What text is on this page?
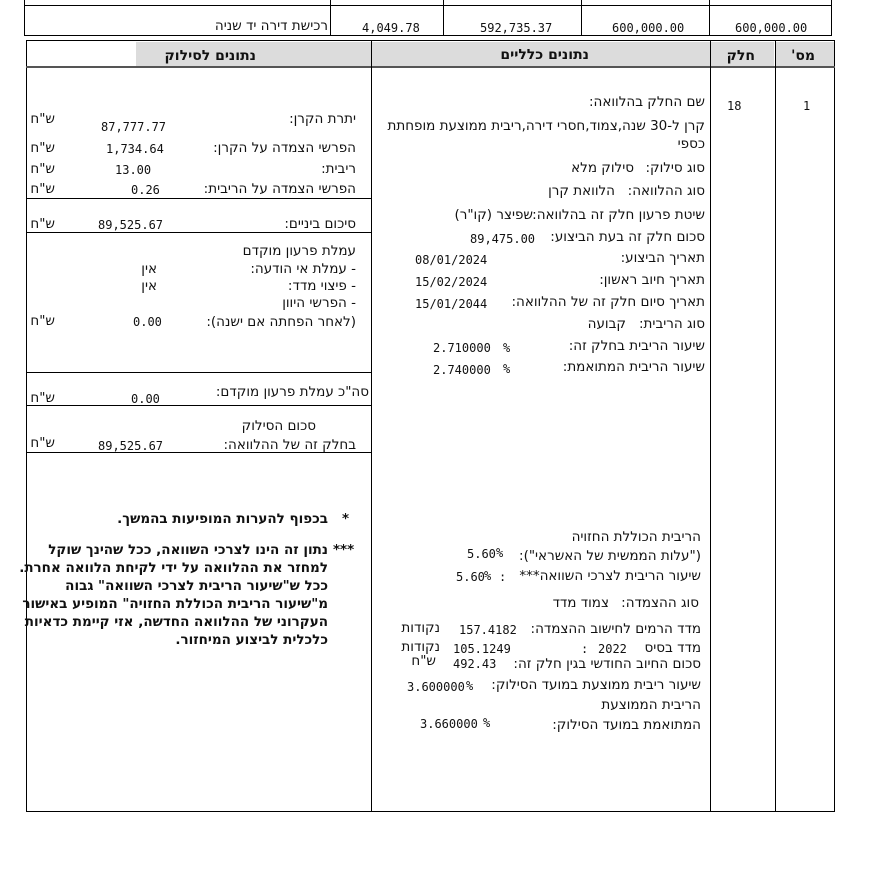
רכישת דירה יד שניה	4,049.78	592,735.37	600,000.00	600,000.00
מס'
חלק
נתונים כלליים
נתונים לסילוק
1
18
שם החלק בהלוואה:
קרן ל-30 שנה,צמוד,חסרי דירה,ריבית ממוצעת מופחתת
כספי
סוג סילוק:
סילוק מלא
סוג ההלוואה:
הלוואת קרן
שיטת פרעון חלק זה בהלוואה:
שפיצר (קו"ר)
סכום חלק זה בעת הביצוע:
89,475.00
תאריך הביצוע:
08/01/2024
תאריך חיוב ראשון:
15/02/2024
תאריך סיום חלק זה של ההלוואה:
15/01/2044
סוג הריבית:
קבועה
שיעור הריבית בחלק זה:
%
2.710000
שיעור הריבית המתואמת:
%
2.740000
הריבית הכוללת החזויה
("עלות הממשית של האשראי"):
%
5.60
שיעור הריבית לצרכי השוואה***
:
%
5.60
סוג ההצמדה:
צמוד מדד
מדד הרמים לחישוב ההצמדה:
157.4182
נקודות
מדד בסיס
2022
:
105.1249
נקודות
סכום החיוב החודשי בגין חלק זה:
492.43
ש"ח
שיעור ריבית ממוצעת במועד הסילוק:
%
3.600000
הריבית הממוצעת
המתואמת במועד הסילוק:
%
3.660000
יתרת הקרן:
87,777.77
ש"ח
הפרשי הצמדה על הקרן:
1,734.64
ש"ח
ריבית:
13.00
ש"ח
הפרשי הצמדה על הריבית:
0.26
ש"ח
סיכום ביניים:
89,525.67
ש"ח
עמלת פרעון מוקדם
- עמלת אי הודעה:
אין
- פיצוי מדד:
אין
- הפרשי היוון
(לאחר הפחתה אם ישנה):
0.00
ש"ח
סה"כ עמלת פרעון מוקדם:
0.00
ש"ח
סכום הסילוק
בחלק זה של ההלוואה:
89,525.67
ש"ח
*
בכפוף להערות המופיעות בהמשך.
***
נתון זה הינו לצרכי השוואה, ככל שהינך שוקל
למחזר את ההלוואה על ידי לקיחת הלוואה אחרת.
ככל ש"שיעור הריבית לצרכי השוואה" גבוה
מ"שיעור הריבית הכוללת החזויה" המופיע באישור
העקרוני של ההלוואה החדשה, אזי קיימת כדאיות
כלכלית לביצוע המיחזור.
